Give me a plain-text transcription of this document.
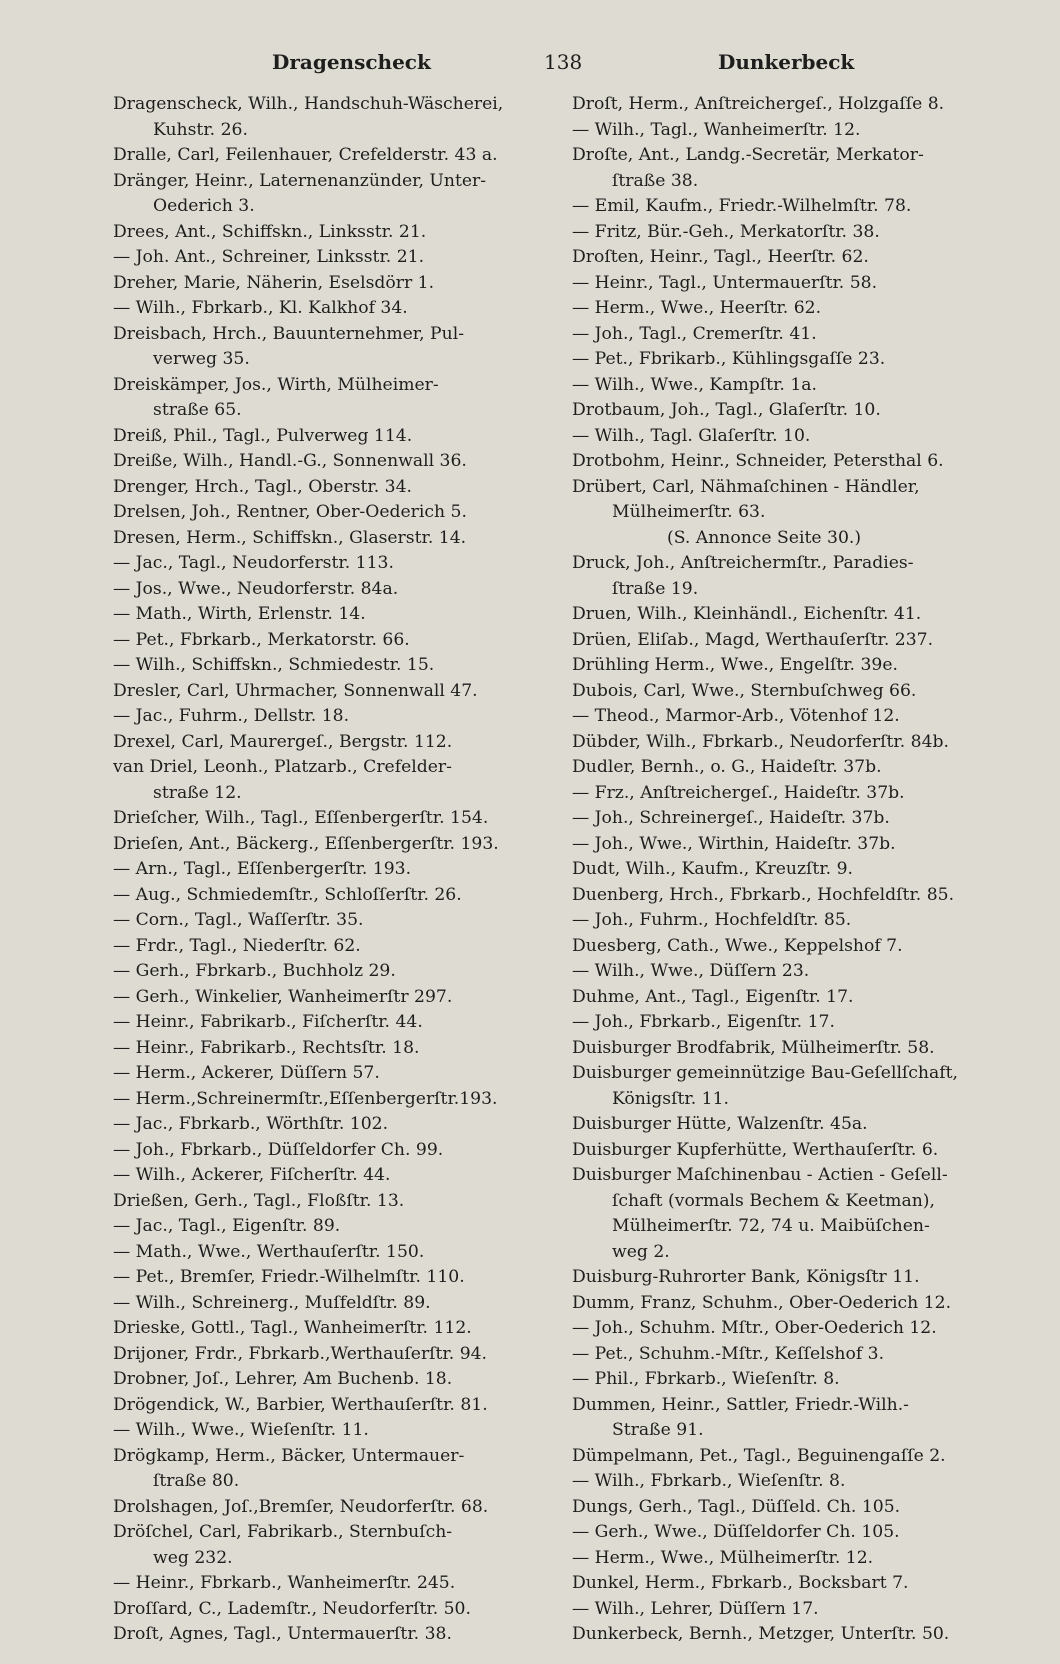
Dragenscheck	138	Dunkerbeck
Dragenscheck, Wilh., Handschuh-Wäscherei,
Kuhstr. 26.
Dralle, Carl, Feilenhauer, Crefelderstr. 43 a.
Dränger, Heinr., Laternenanzünder, Unter-
Oederich 3.
Drees, Ant., Schiffskn., Linksstr. 21.
— Joh. Ant., Schreiner, Linksstr. 21.
Dreher, Marie, Näherin, Eselsdörr 1.
— Wilh., Fbrkarb., Kl. Kalkhof 34.
Dreisbach, Hrch., Bauunternehmer, Pul-
verweg 35.
Dreiskämper, Jos., Wirth, Mülheimer-
straße 65.
Dreiß, Phil., Tagl., Pulverweg 114.
Dreiße, Wilh., Handl.-G., Sonnenwall 36.
Drenger, Hrch., Tagl., Oberstr. 34.
Drelsen, Joh., Rentner, Ober-Oederich 5.
Dresen, Herm., Schiffskn., Glaserstr. 14.
— Jac., Tagl., Neudorferstr. 113.
— Jos., Wwe., Neudorferstr. 84a.
— Math., Wirth, Erlenstr. 14.
— Pet., Fbrkarb., Merkatorstr. 66.
— Wilh., Schiffskn., Schmiedestr. 15.
Dresler, Carl, Uhrmacher, Sonnenwall 47.
— Jac., Fuhrm., Dellstr. 18.
Drexel, Carl, Maurergeſ., Bergstr. 112.
van Driel, Leonh., Platzarb., Crefelder-
straße 12.
Drieſcher, Wilh., Tagl., Eſſenbergerſtr. 154.
Drieſen, Ant., Bäckerg., Eſſenbergerſtr. 193.
— Arn., Tagl., Eſſenbergerſtr. 193.
— Aug., Schmiedemſtr., Schloſſerſtr. 26.
— Corn., Tagl., Waſſerſtr. 35.
— Frdr., Tagl., Niederſtr. 62.
— Gerh., Fbrkarb., Buchholz 29.
— Gerh., Winkelier, Wanheimerſtr 297.
— Heinr., Fabrikarb., Fiſcherſtr. 44.
— Heinr., Fabrikarb., Rechtsſtr. 18.
— Herm., Ackerer, Düſſern 57.
— Herm.,Schreinermſtr.,Eſſenbergerſtr.193.
— Jac., Fbrkarb., Wörthſtr. 102.
— Joh., Fbrkarb., Düſſeldorfer Ch. 99.
— Wilh., Ackerer, Fiſcherſtr. 44.
Drießen, Gerh., Tagl., Floßſtr. 13.
— Jac., Tagl., Eigenſtr. 89.
— Math., Wwe., Werthauſerſtr. 150.
— Pet., Bremſer, Friedr.-Wilhelmſtr. 110.
— Wilh., Schreinerg., Muſfeldſtr. 89.
Drieske, Gottl., Tagl., Wanheimerſtr. 112.
Drijoner, Frdr., Fbrkarb.,Werthauſerſtr. 94.
Drobner, Joſ., Lehrer, Am Buchenb. 18.
Drögendick, W., Barbier, Werthauſerſtr. 81.
— Wilh., Wwe., Wieſenſtr. 11.
Drögkamp, Herm., Bäcker, Untermauer-
ſtraße 80.
Drolshagen, Joſ.,Bremſer, Neudorferſtr. 68.
Dröſchel, Carl, Fabrikarb., Sternbuſch-
weg 232.
— Heinr., Fbrkarb., Wanheimerſtr. 245.
Droſſard, C., Lademſtr., Neudorferſtr. 50.
Droſt, Agnes, Tagl., Untermauerſtr. 38.
Droſt, Herm., Anſtreichergeſ., Holzgaſſe 8.
— Wilh., Tagl., Wanheimerſtr. 12.
Droſte, Ant., Landg.-Secretär, Merkator-
ſtraße 38.
— Emil, Kaufm., Friedr.-Wilhelmſtr. 78.
— Fritz, Bür.-Geh., Merkatorſtr. 38.
Droſten, Heinr., Tagl., Heerſtr. 62.
— Heinr., Tagl., Untermauerſtr. 58.
— Herm., Wwe., Heerſtr. 62.
— Joh., Tagl., Cremerſtr. 41.
— Pet., Fbrikarb., Kühlingsgaſſe 23.
— Wilh., Wwe., Kampſtr. 1a.
Drotbaum, Joh., Tagl., Glaſerſtr. 10.
— Wilh., Tagl. Glaſerſtr. 10.
Drotbohm, Heinr., Schneider, Petersthal 6.
Drübert, Carl, Nähmaſchinen - Händler,
Mülheimerſtr. 63.
(S. Annonce Seite 30.)
Druck, Joh., Anſtreichermſtr., Paradies-
ſtraße 19.
Druen, Wilh., Kleinhändl., Eichenſtr. 41.
Drüen, Eliſab., Magd, Werthauſerſtr. 237.
Drühling Herm., Wwe., Engelſtr. 39e.
Dubois, Carl, Wwe., Sternbuſchweg 66.
— Theod., Marmor-Arb., Vötenhof 12.
Dübder, Wilh., Fbrkarb., Neudorferſtr. 84b.
Dudler, Bernh., o. G., Haideſtr. 37b.
— Frz., Anſtreichergeſ., Haideſtr. 37b.
— Joh., Schreinergeſ., Haideſtr. 37b.
— Joh., Wwe., Wirthin, Haideſtr. 37b.
Dudt, Wilh., Kaufm., Kreuzſtr. 9.
Duenberg, Hrch., Fbrkarb., Hochfeldſtr. 85.
— Joh., Fuhrm., Hochfeldſtr. 85.
Duesberg, Cath., Wwe., Keppelshof 7.
— Wilh., Wwe., Düſſern 23.
Duhme, Ant., Tagl., Eigenſtr. 17.
— Joh., Fbrkarb., Eigenſtr. 17.
Duisburger Brodfabrik, Mülheimerſtr. 58.
Duisburger gemeinnützige Bau-Geſellſchaft,
Königsſtr. 11.
Duisburger Hütte, Walzenſtr. 45a.
Duisburger Kupferhütte, Werthauſerſtr. 6.
Duisburger Maſchinenbau - Actien - Geſell-
ſchaft (vormals Bechem & Keetman),
Mülheimerſtr. 72, 74 u. Maibüſchen-
weg 2.
Duisburg-Ruhrorter Bank, Königsſtr 11.
Dumm, Franz, Schuhm., Ober-Oederich 12.
— Joh., Schuhm. Mſtr., Ober-Oederich 12.
— Pet., Schuhm.-Mſtr., Keſſelshof 3.
— Phil., Fbrkarb., Wieſenſtr. 8.
Dummen, Heinr., Sattler, Friedr.-Wilh.-
Straße 91.
Dümpelmann, Pet., Tagl., Beguinengaſſe 2.
— Wilh., Fbrkarb., Wieſenſtr. 8.
Dungs, Gerh., Tagl., Düſſeld. Ch. 105.
— Gerh., Wwe., Düſſeldorfer Ch. 105.
— Herm., Wwe., Mülheimerſtr. 12.
Dunkel, Herm., Fbrkarb., Bocksbart 7.
— Wilh., Lehrer, Düſſern 17.
Dunkerbeck, Bernh., Metzger, Unterſtr. 50.
